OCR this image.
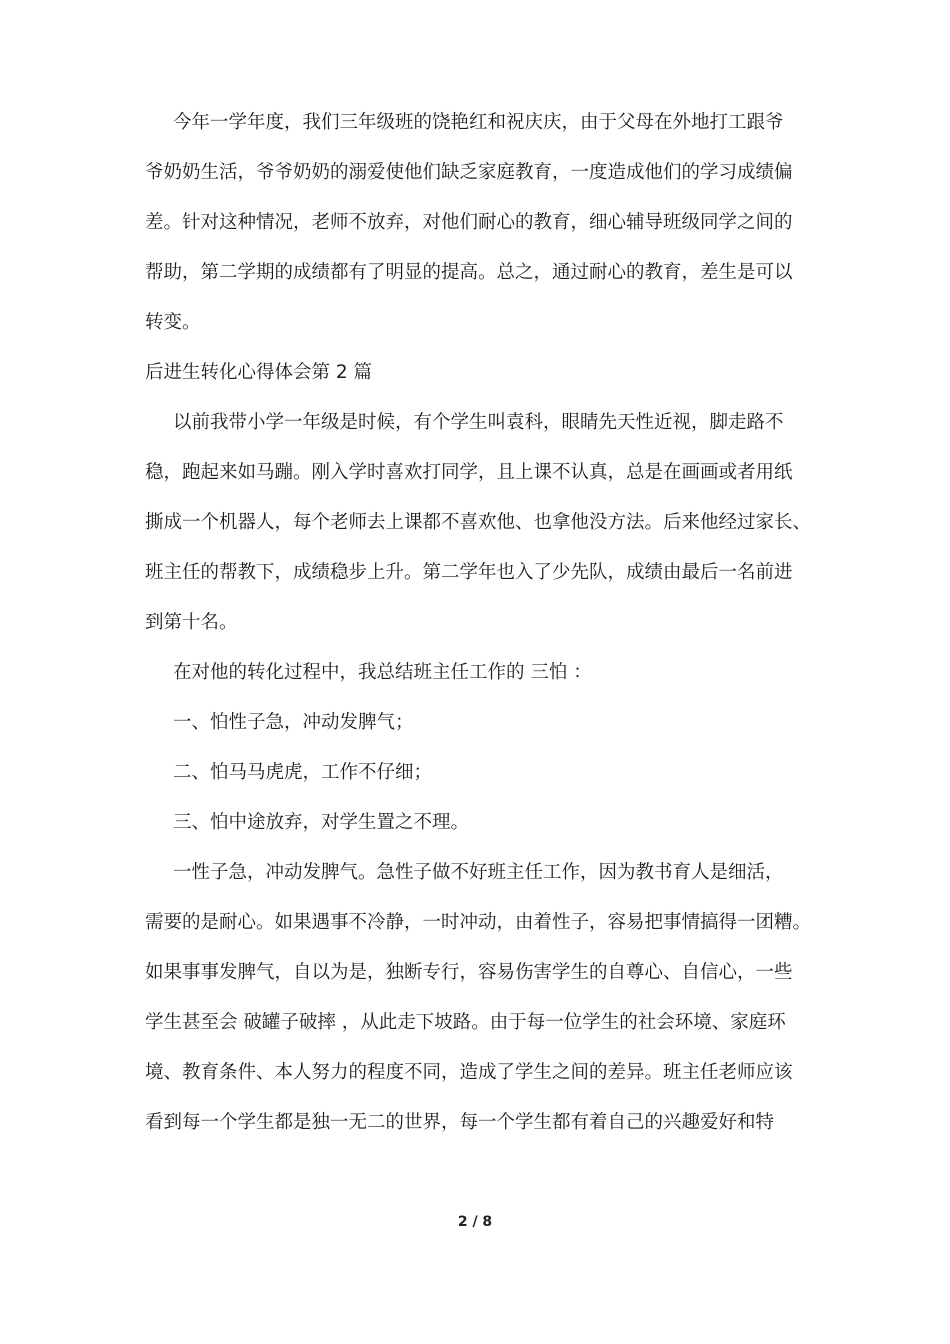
今年一学年度，我们三年级班的饶艳红和祝庆庆，由于父母在外地打工跟爷
爷奶奶生活，爷爷奶奶的溺爱使他们缺乏家庭教育，一度造成他们的学习成绩偏
差。针对这种情况，老师不放弃，对他们耐心的教育，细心辅导班级同学之间的
帮助，第二学期的成绩都有了明显的提高。总之，通过耐心的教育，差生是可以
转变。
后进生转化心得体会第 2 篇
以前我带小学一年级是时候，有个学生叫袁科，眼睛先天性近视，脚走路不
稳，跑起来如马蹦。刚入学时喜欢打同学，且上课不认真，总是在画画或者用纸
撕成一个机器人，每个老师去上课都不喜欢他、也拿他没方法。后来他经过家长、
班主任的帮教下，成绩稳步上升。第二学年也入了少先队，成绩由最后一名前进
到第十名。
在对他的转化过程中，我总结班主任工作的 三怕 ：
一、怕性子急，冲动发脾气；
二、怕马马虎虎，工作不仔细；
三、怕中途放弃，对学生置之不理。
一性子急，冲动发脾气。急性子做不好班主任工作，因为教书育人是细活，
需要的是耐心。如果遇事不冷静，一时冲动，由着性子，容易把事情搞得一团糟。
如果事事发脾气，自以为是，独断专行，容易伤害学生的自尊心、自信心，一些
学生甚至会 破罐子破摔 ，从此走下坡路。由于每一位学生的社会环境、家庭环
境、教育条件、本人努力的程度不同，造成了学生之间的差异。班主任老师应该
看到每一个学生都是独一无二的世界，每一个学生都有着自己的兴趣爱好和特
2 / 8
